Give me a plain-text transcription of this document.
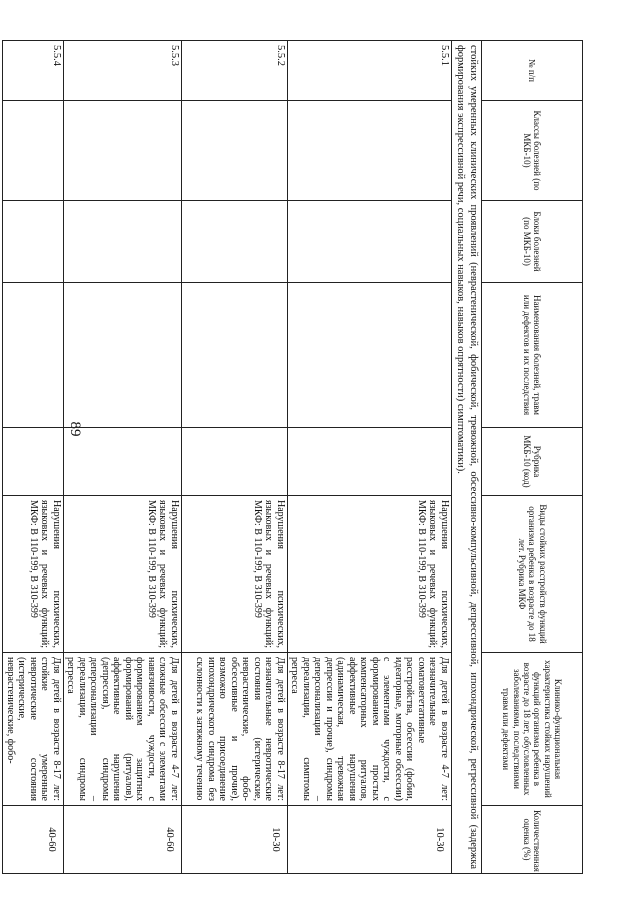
89
№ п/п	Классы болезней (по МКБ-10)	Блоки болезней (по МКБ-10)	Наименования болезней, травм или дефектов и их последствия	Рубрика МКБ-10 (код)	Виды стойких расстройств функций организма ребенка в возрасте до 18 лет. Рубрика МКФ	Клинико-функциональная характеристика стойких нарушений функций организма ребенка в возрасте до 18 лет, обусловленных заболеваниями, последствиями травм или дефектами	Количественная оценка (%)
стойких умеренных клинических проявлений (неврастенической, фобической, тревожной, обсессивно-компульсивной, депрессивной, ипохондрической, регрессивной (задержка формирования экспрессивной речи, социальных навыков, навыков опрятности) симптоматики).							
5.5.1					Нарушения психических, языковых и речевых функций; МКФ: В 110-199, В 310-399	Для детей в возрасте 4-7 лет: незначительные соматовегетативные расстройства, обсессии (фобии, идеаторные, моторные обсессии) с элементами чуждости, с формированием простых компенсаторных ритуалов, аффективные нарушения (адинамическая, тревожная депрессии и прочие), синдромы деперсонализации – дереализации, симптомы регресса	10-30
5.5.2					Нарушения психических, языковых и речевых функций; МКФ: В 110-199, В 310-399	Для детей в возрасте 8-17 лет: незначительные невротические состояния (истерические, неврастенические, фобо-обсессивные и прочие), возможно присоединение ипохондрического синдрома без склонности к затяжному течению	10-30
5.5.3					Нарушения психических, языковых и речевых функций; МКФ: В 110-199, В 310-399	Для детей в возрасте 4-7 лет: сложные обсессии с элементами навязчивости, чуждости, с формированием защитных формирований (ритуалов), аффективные нарушения (депрессия), синдромы деперсонализации – дереализации, синдромы регресса	40-60
5.5.4					Нарушения психических, языковых и речевых функций; МКФ: В 110-199, В 310-399	Для детей в возрасте 8-17 лет: стойкие умеренные невротические состояния (истерические, неврастенические, фобо-	40-60
